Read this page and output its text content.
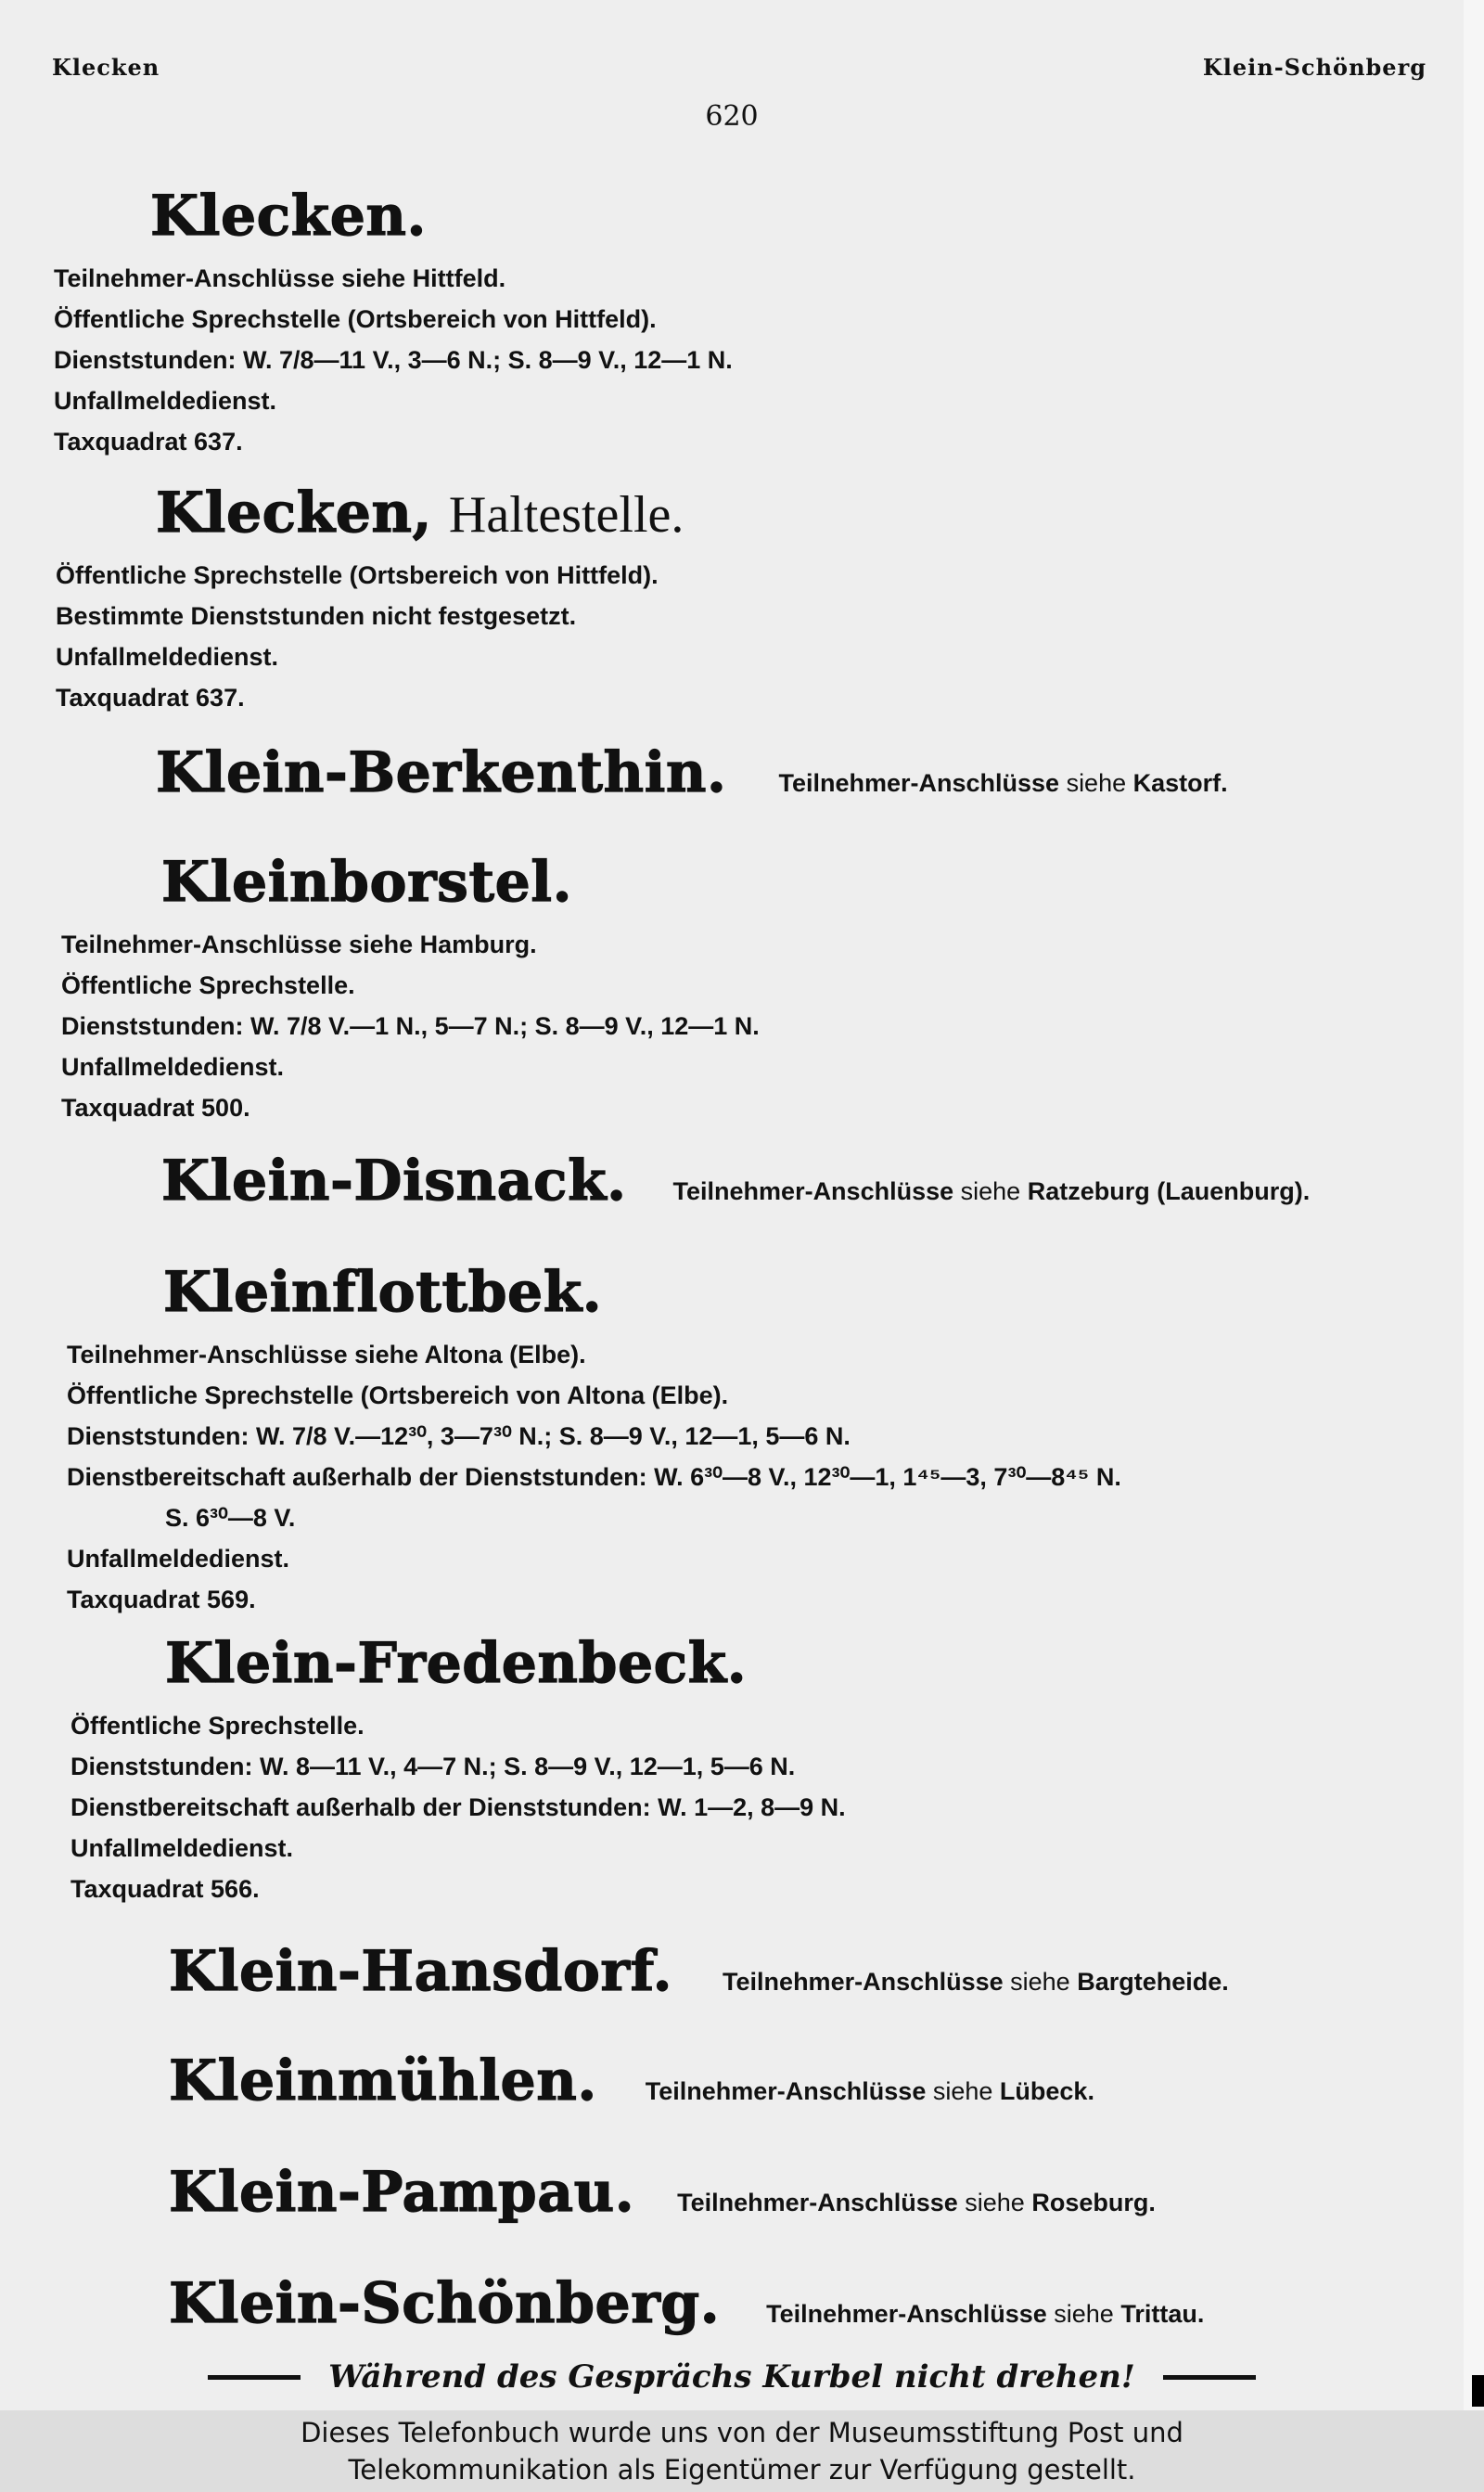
Klecken	Klein-Schönberg
620
Klecken.
Teilnehmer-Anschlüsse siehe Hittfeld.
Öffentliche Sprechstelle (Ortsbereich von Hittfeld).
Dienststunden: W. 7/8—11 V., 3—6 N.; S. 8—9 V., 12—1 N.
Unfallmeldedienst.
Taxquadrat 637.
Klecken, Haltestelle.
Öffentliche Sprechstelle (Ortsbereich von Hittfeld).
Bestimmte Dienststunden nicht festgesetzt.
Unfallmeldedienst.
Taxquadrat 637.
Klein-Berkenthin. Teilnehmer-Anschlüsse siehe Kastorf.
Kleinborstel.
Teilnehmer-Anschlüsse siehe Hamburg.
Öffentliche Sprechstelle.
Dienststunden: W. 7/8 V.—1 N., 5—7 N.; S. 8—9 V., 12—1 N.
Unfallmeldedienst.
Taxquadrat 500.
Klein-Disnack. Teilnehmer-Anschlüsse siehe Ratzeburg (Lauenburg).
Kleinflottbek.
Teilnehmer-Anschlüsse siehe Altona (Elbe).
Öffentliche Sprechstelle (Ortsbereich von Altona (Elbe).
Dienststunden: W. 7/8 V.—12³⁰, 3—7³⁰ N.; S. 8—9 V., 12—1, 5—6 N.
Dienstbereitschaft außerhalb der Dienststunden: W. 6³⁰—8 V., 12³⁰—1, 1⁴⁵—3, 7³⁰—8⁴⁵ N.
S. 6³⁰—8 V.
Unfallmeldedienst.
Taxquadrat 569.
Klein-Fredenbeck.
Öffentliche Sprechstelle.
Dienststunden: W. 8—11 V., 4—7 N.; S. 8—9 V., 12—1, 5—6 N.
Dienstbereitschaft außerhalb der Dienststunden: W. 1—2, 8—9 N.
Unfallmeldedienst.
Taxquadrat 566.
Klein-Hansdorf. Teilnehmer-Anschlüsse siehe Bargteheide.
Kleinmühlen. Teilnehmer-Anschlüsse siehe Lübeck.
Klein-Pampau. Teilnehmer-Anschlüsse siehe Roseburg.
Klein-Schönberg. Teilnehmer-Anschlüsse siehe Trittau.
Während des Gesprächs Kurbel nicht drehen!
Dieses Telefonbuch wurde uns von der Museumsstiftung Post und
Telekommunikation als Eigentümer zur Verfügung gestellt.
